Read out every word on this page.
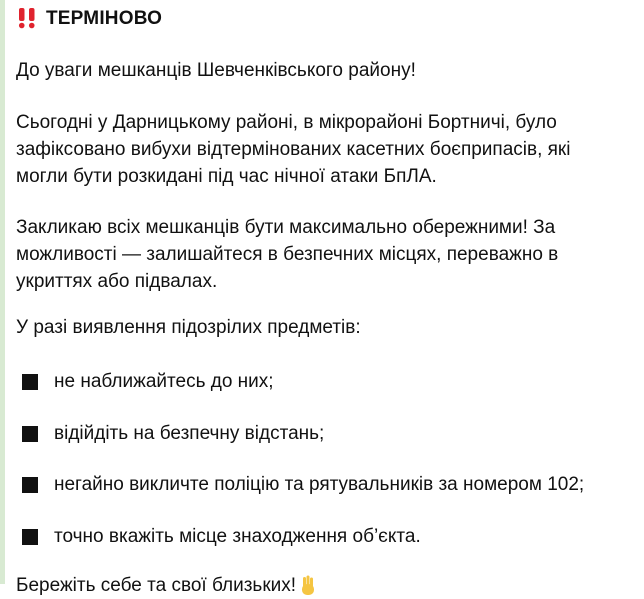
ТЕРМІНОВО

До уваги мешканців Шевченківського району!

Сьогодні у Дарницькому районі, в мікрорайоні Бортничі, було зафіксовано вибухи відтермінованих касетних боєприпасів, які могли бути розкидані під час нічної атаки БпЛА.

Закликаю всіх мешканців бути максимально обережними! За можливості — залишайтеся в безпечних місцях, переважно в укриттях або підвалах.

У разі виявлення підозрілих предметів:

не наближайтесь до них;
відійдіть на безпечну відстань;
негайно викличте поліцію та рятувальників за номером 102;
точно вкажіть місце знаходження об’єкта.
Бережіть себе та свої близьких!
